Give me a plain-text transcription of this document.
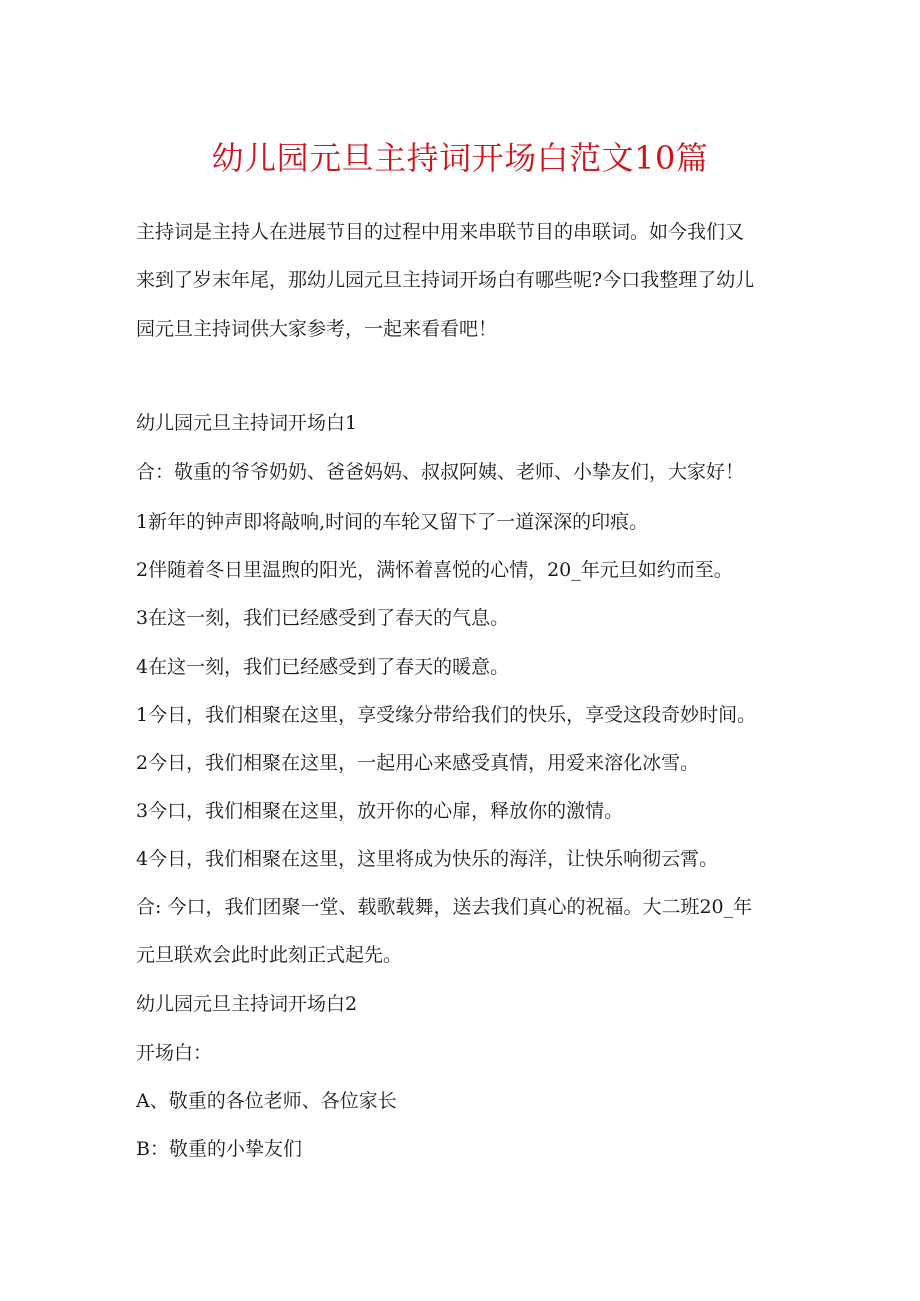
幼儿园元旦主持词开场白范文10篇
主持词是主持人在进展节目的过程中用来串联节目的串联词。如今我们又
来到了岁末年尾，那幼儿园元旦主持词开场白有哪些呢?今口我整理了幼儿
园元旦主持词供大家参考，一起来看看吧！
幼儿园元旦主持词开场白1
合：敬重的爷爷奶奶、爸爸妈妈、叔叔阿姨、老师、小挚友们，大家好！
1新年的钟声即将敲响,时间的车轮又留下了一道深深的印痕。
2伴随着冬日里温煦的阳光，满怀着喜悦的心情，20_年元旦如约而至。
3在这一刻，我们已经感受到了春天的气息。
4在这一刻，我们已经感受到了春天的暖意。
1今日，我们相聚在这里，享受缘分带给我们的快乐，享受这段奇妙时间。
2今日，我们相聚在这里，一起用心来感受真情，用爱来溶化冰雪。
3今口，我们相聚在这里，放开你的心扉，释放你的激情。
4今日，我们相聚在这里，这里将成为快乐的海洋，让快乐响彻云霄。
合: 今口，我们团聚一堂、载歌载舞，送去我们真心的祝福。大二班20_年
元旦联欢会此时此刻正式起先。
幼儿园元旦主持词开场白2
开场白：
A、敬重的各位老师、各位家长
B：敬重的小挚友们
